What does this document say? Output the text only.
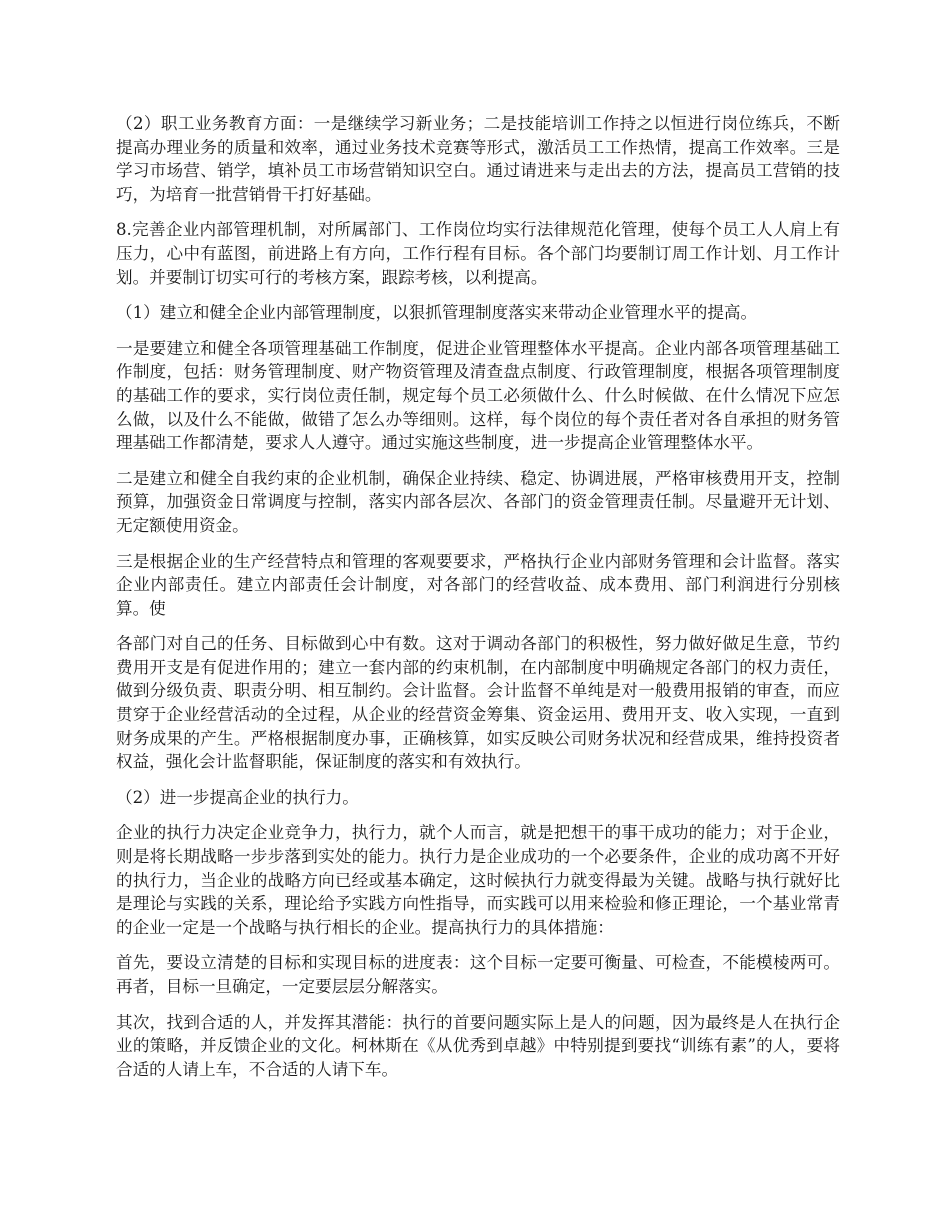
（2）职工业务教育方面：一是继续学习新业务；二是技能培训工作持之以恒进行岗位练兵，不断提高办理业务的质量和效率，通过业务技术竞赛等形式，激活员工工作热情，提高工作效率。三是学习市场营、销学，填补员工市场营销知识空白。通过请进来与走出去的方法，提高员工营销的技巧，为培育一批营销骨干打好基础。

8.完善企业内部管理机制，对所属部门、工作岗位均实行法律规范化管理，使每个员工人人肩上有压力，心中有蓝图，前进路上有方向，工作行程有目标。各个部门均要制订周工作计划、月工作计划。并要制订切实可行的考核方案，跟踪考核，以利提高。

（1）建立和健全企业内部管理制度，以狠抓管理制度落实来带动企业管理水平的提高。

一是要建立和健全各项管理基础工作制度，促进企业管理整体水平提高。企业内部各项管理基础工作制度，包括：财务管理制度、财产物资管理及清查盘点制度、行政管理制度，根据各项管理制度的基础工作的要求，实行岗位责任制，规定每个员工必须做什么、什么时候做、在什么情况下应怎么做，以及什么不能做，做错了怎么办等细则。这样，每个岗位的每个责任者对各自承担的财务管理基础工作都清楚，要求人人遵守。通过实施这些制度，进一步提高企业管理整体水平。

二是建立和健全自我约束的企业机制，确保企业持续、稳定、协调进展，严格审核费用开支，控制预算，加强资金日常调度与控制，落实内部各层次、各部门的资金管理责任制。尽量避开无计划、无定额使用资金。

三是根据企业的生产经营特点和管理的客观要要求，严格执行企业内部财务管理和会计监督。落实企业内部责任。建立内部责任会计制度，对各部门的经营收益、成本费用、部门利润进行分别核算。使

各部门对自己的任务、目标做到心中有数。这对于调动各部门的积极性，努力做好做足生意，节约费用开支是有促进作用的；建立一套内部的约束机制，在内部制度中明确规定各部门的权力责任，做到分级负责、职责分明、相互制约。会计监督。会计监督不单纯是对一般费用报销的审查，而应贯穿于企业经营活动的全过程，从企业的经营资金筹集、资金运用、费用开支、收入实现，一直到财务成果的产生。严格根据制度办事，正确核算，如实反映公司财务状况和经营成果，维持投资者权益，强化会计监督职能，保证制度的落实和有效执行。

（2）进一步提高企业的执行力。

企业的执行力决定企业竞争力，执行力，就个人而言，就是把想干的事干成功的能力；对于企业，则是将长期战略一步步落到实处的能力。执行力是企业成功的一个必要条件，企业的成功离不开好的执行力，当企业的战略方向已经或基本确定，这时候执行力就变得最为关键。战略与执行就好比是理论与实践的关系，理论给予实践方向性指导，而实践可以用来检验和修正理论，一个基业常青的企业一定是一个战略与执行相长的企业。提高执行力的具体措施：

首先，要设立清楚的目标和实现目标的进度表：这个目标一定要可衡量、可检查，不能模棱两可。再者，目标一旦确定，一定要层层分解落实。

其次，找到合适的人，并发挥其潜能：执行的首要问题实际上是人的问题，因为最终是人在执行企业的策略，并反馈企业的文化。柯林斯在《从优秀到卓越》中特别提到要找“训练有素”的人，要将合适的人请上车，不合适的人请下车。
